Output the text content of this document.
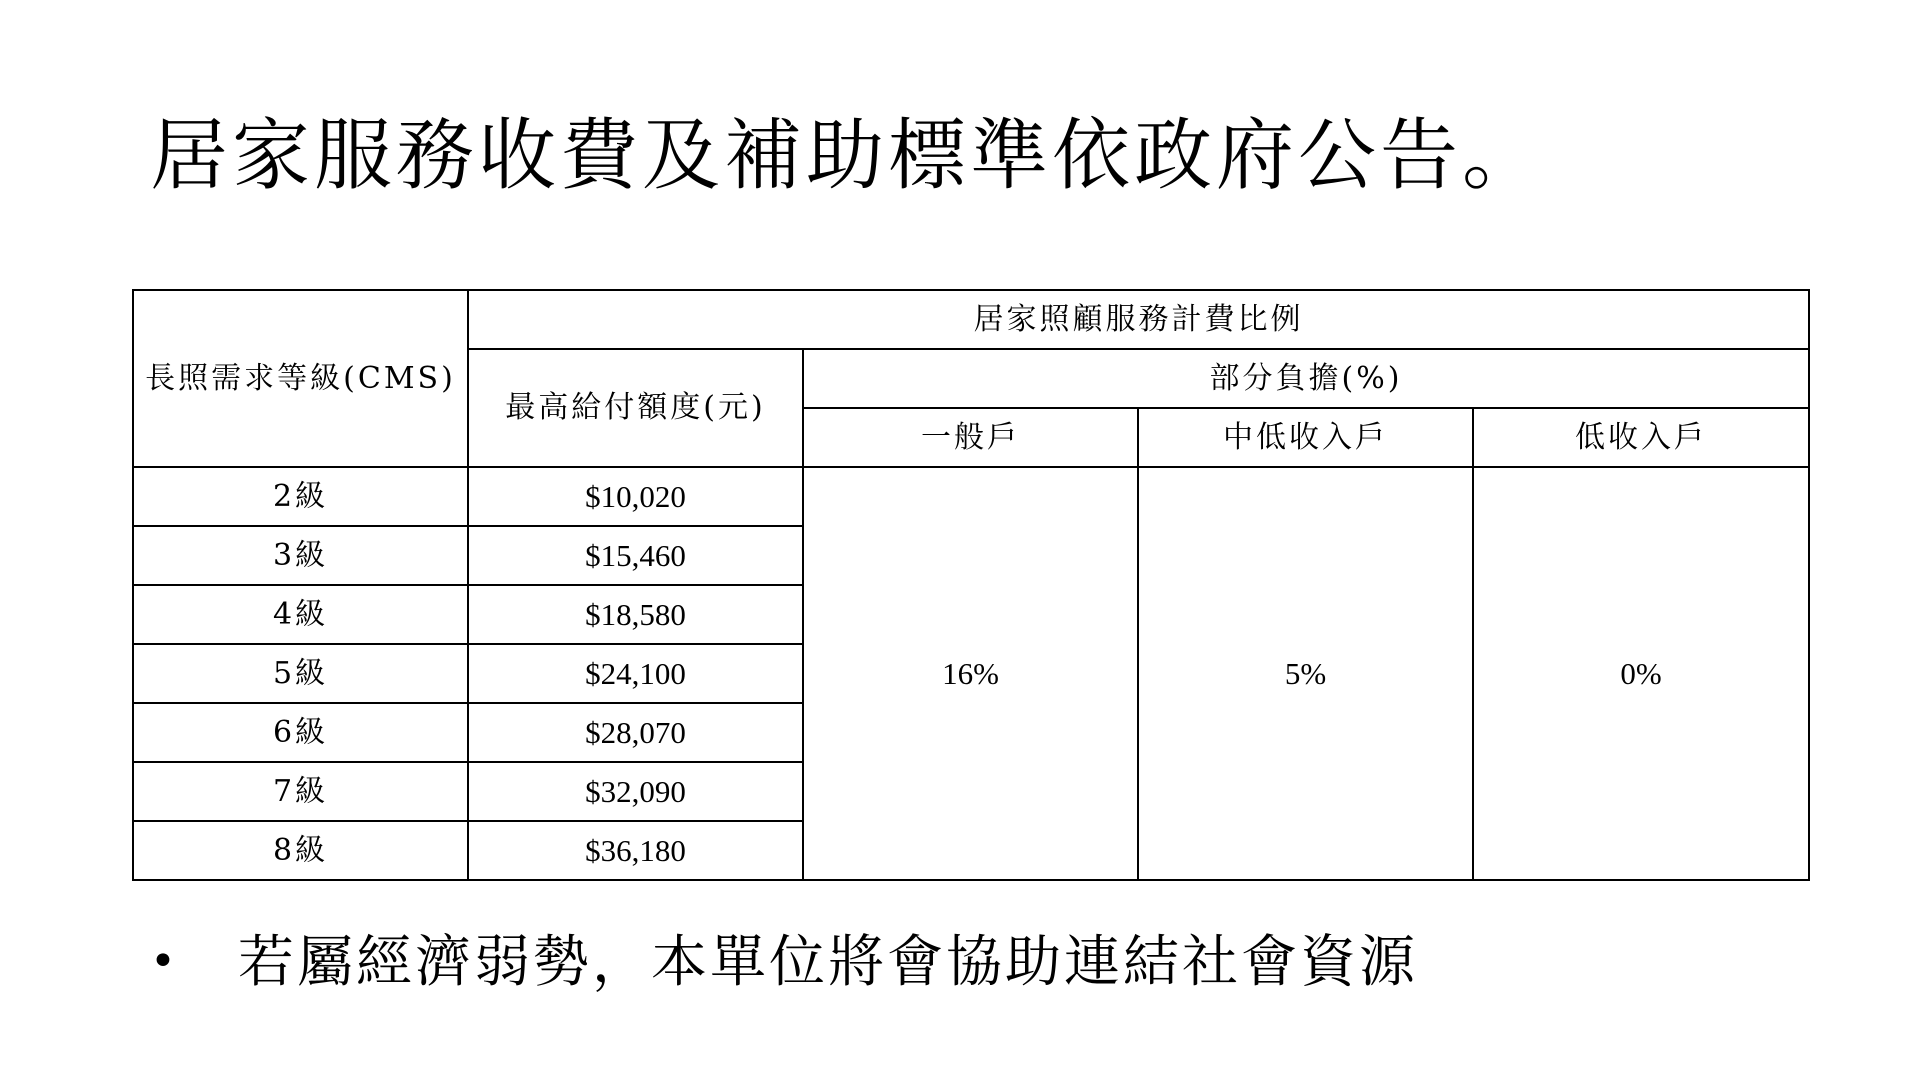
居家服務收費及補助標準依政府公告。
長照需求等級(CMS)	居家照顧服務計費比例			
	最高給付額度(元)	部分負擔(%)		
		一般戶	中低收入戶	低收入戶
2級	$10,020	16%	5%	0%
3級	$15,460			
4級	$18,580			
5級	$24,100			
6級	$28,070			
7級	$32,090			
8級	$36,180			
• 若屬經濟弱勢，本單位將會協助連結社會資源
